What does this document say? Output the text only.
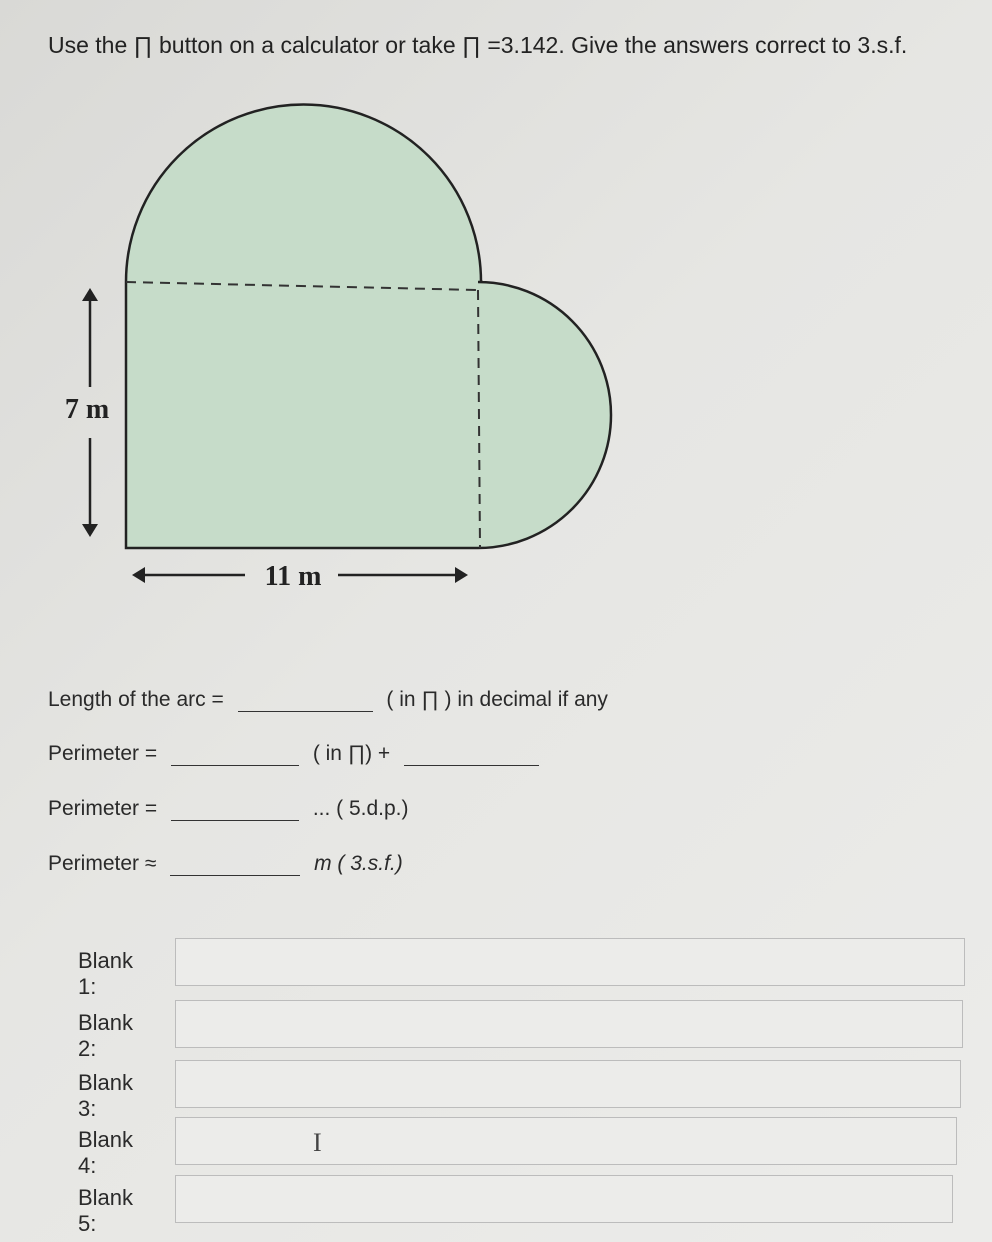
Use the ∏ button on a calculator or take ∏ =3.142. Give the answers correct to 3.s.f.
7 m
11 m
Length of the arc =	( in ∏ ) in decimal if any
Perimeter =	( in ∏) +
Perimeter =	... ( 5.d.p.)
Perimeter ≈	m ( 3.s.f.)
Blank 1:
Blank 2:
Blank 3:
Blank 4:
I
Blank 5:
